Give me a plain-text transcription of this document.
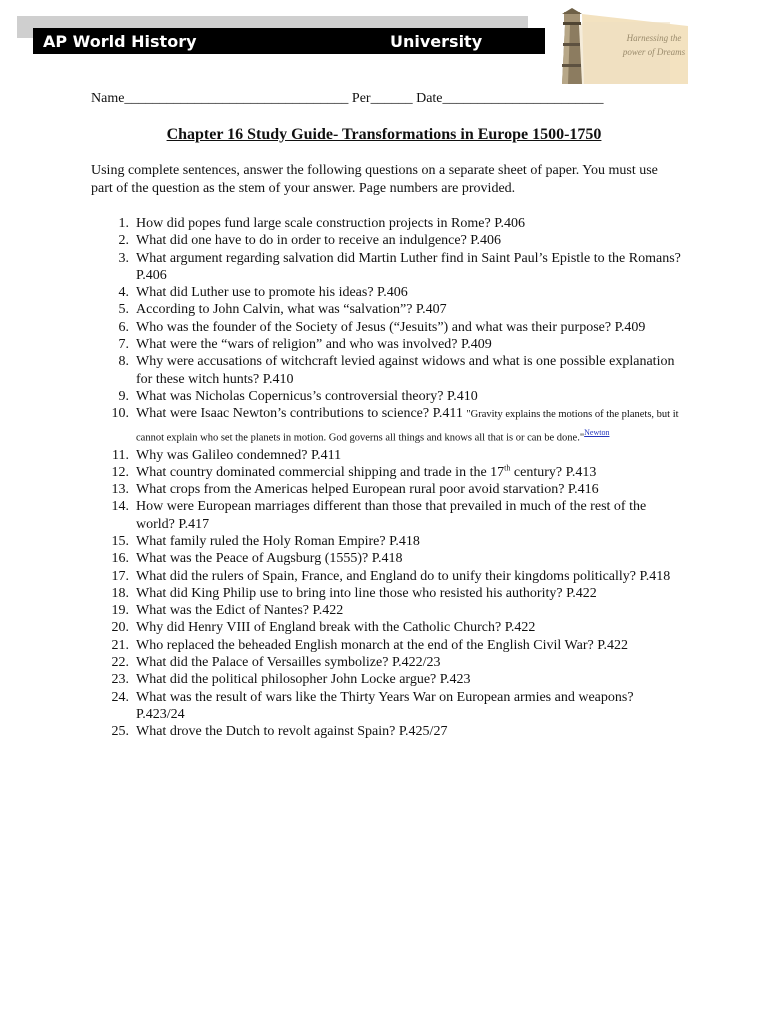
AP World History	University	Harnessing the
power of Dreams
Name________________________________ Per______ Date_______________________
Chapter 16 Study Guide- Transformations in Europe 1500-1750
Using complete sentences, answer the following questions on a separate sheet of paper. You must use part of the question as the stem of your answer. Page numbers are provided.
1. How did popes fund large scale construction projects in Rome? P.406
2. What did one have to do in order to receive an indulgence? P.406
3. What argument regarding salvation did Martin Luther find in Saint Paul’s Epistle to the Romans? P.406
4. What did Luther use to promote his ideas? P.406
5. According to John Calvin, what was “salvation”? P.407
6. Who was the founder of the Society of Jesus (“Jesuits”) and what was their purpose? P.409
7. What were the “wars of religion” and who was involved? P.409
8. Why were accusations of witchcraft levied against widows and what is one possible explanation for these witch hunts? P.410
9. What was Nicholas Copernicus’s controversial theory? P.410
10. What were Isaac Newton’s contributions to science? P.411 "Gravity explains the motions of the planets, but it cannot explain who set the planets in motion. God governs all things and knows all that is or can be done."$^{Newton}$
11. Why was Galileo condemned? P.411
12. What country dominated commercial shipping and trade in the 17th century? P.413
13. What crops from the Americas helped European rural poor avoid starvation? P.416
14. How were European marriages different than those that prevailed in much of the rest of the world? P.417
15. What family ruled the Holy Roman Empire? P.418
16. What was the Peace of Augsburg (1555)? P.418
17. What did the rulers of Spain, France, and England do to unify their kingdoms politically? P.418
18. What did King Philip use to bring into line those who resisted his authority? P.422
19. What was the Edict of Nantes? P.422
20. Why did Henry VIII of England break with the Catholic Church? P.422
21. Who replaced the beheaded English monarch at the end of the English Civil War? P.422
22. What did the Palace of Versailles symbolize? P.422/23
23. What did the political philosopher John Locke argue? P.423
24. What was the result of wars like the Thirty Years War on European armies and weapons? P.423/24
25. What drove the Dutch to revolt against Spain? P.425/27
